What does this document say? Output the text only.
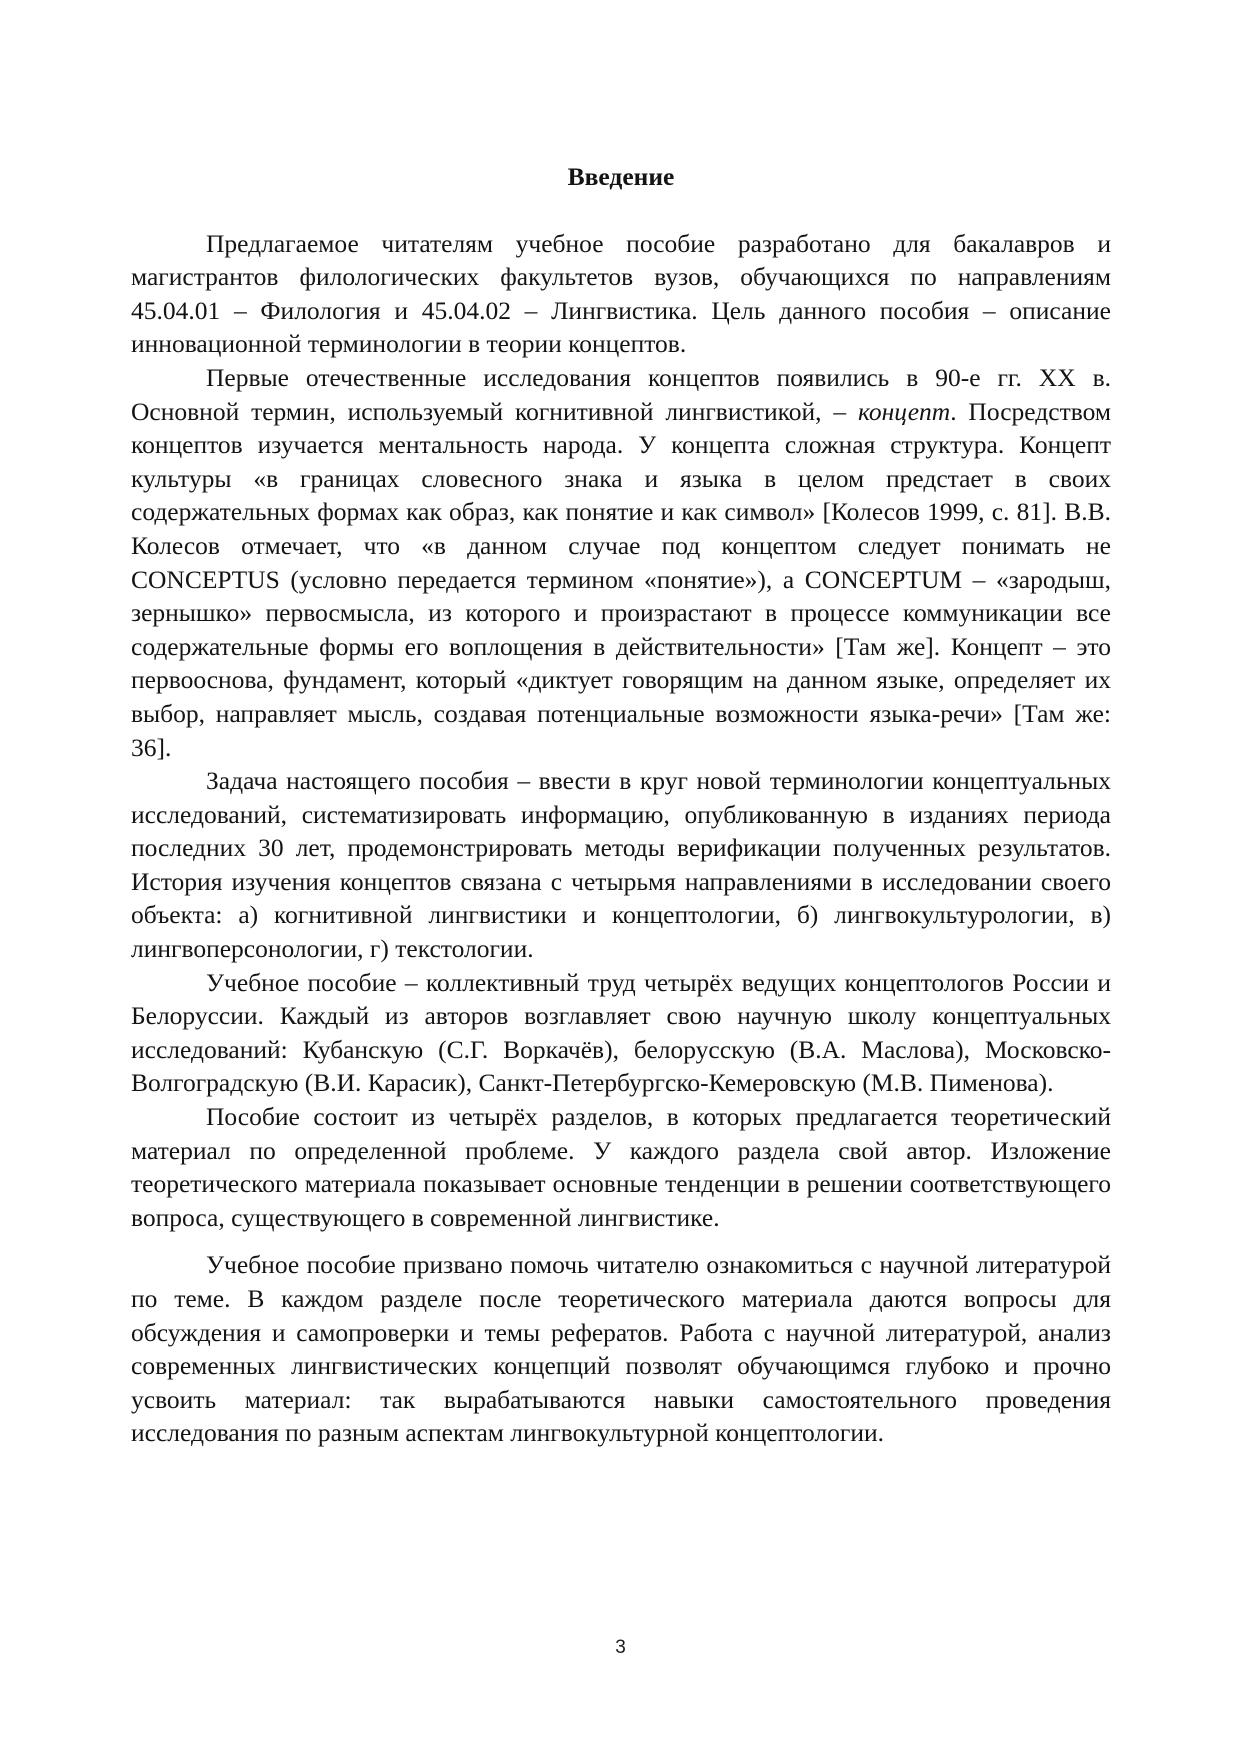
Введение

Предлагаемое читателям учебное пособие разработано для бакалавров и магистрантов филологических факультетов вузов, обучающихся по направлениям 45.04.01 – Филология и 45.04.02 – Лингвистика. Цель данного пособия – описание инновационной терминологии в теории концептов.

Первые отечественные исследования концептов появились в 90-е гг. XX в. Основной термин, используемый когнитивной лингвистикой, – концепт. Посредством концептов изучается ментальность народа. У концепта сложная структура. Концепт культуры «в границах словесного знака и языка в целом предстает в своих содержательных формах как образ, как понятие и как символ» [Колесов 1999, с. 81]. В.В. Колесов отмечает, что «в данном случае под концептом следует понимать не CONCEPTUS (условно передается термином «понятие»), а CONCEPTUM – «зародыш, зернышко» первосмысла, из которого и произрастают в процессе коммуникации все содержательные формы его воплощения в действительности» [Там же]. Концепт – это первооснова, фундамент, который «диктует говорящим на данном языке, определяет их выбор, направляет мысль, создавая потенциальные возможности языка-речи» [Там же: 36].

Задача настоящего пособия – ввести в круг новой терминологии концептуальных исследований, систематизировать информацию, опубликованную в изданиях периода последних 30 лет, продемонстрировать методы верификации полученных результатов. История изучения концептов связана с четырьмя направлениями в исследовании своего объекта: а) когнитивной лингвистики и концептологии, б) лингвокультурологии, в) лингвоперсонологии, г) текстологии.

Учебное пособие – коллективный труд четырёх ведущих концептологов России и Белоруссии. Каждый из авторов возглавляет свою научную школу концептуальных исследований: Кубанскую (С.Г. Воркачёв), белорусскую (В.А. Маслова), Московско-Волгоградскую (В.И. Карасик), Санкт-Петербургско-Кемеровскую (М.В. Пименова).

Пособие состоит из четырёх разделов, в которых предлагается теоретический материал по определенной проблеме. У каждого раздела свой автор. Изложение теоретического материала показывает основные тенденции в решении соответствующего вопроса, существующего в современной лингвистике.

Учебное пособие призвано помочь читателю ознакомиться с научной литературой по теме. В каждом разделе после теоретического материала даются вопросы для обсуждения и самопроверки и темы рефератов. Работа с научной литературой, анализ современных лингвистических концепций позволят обучающимся глубоко и прочно усвоить материал: так вырабатываются навыки самостоятельного проведения исследования по разным аспектам лингвокультурной концептологии.

3
